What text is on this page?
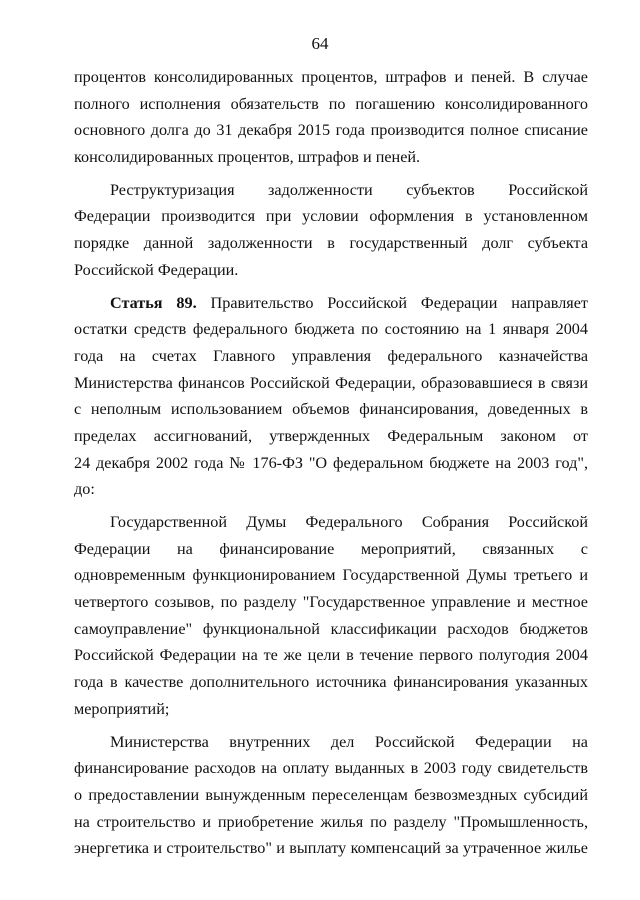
64
процентов консолидированных процентов, штрафов и пеней. В случае
полного исполнения обязательств по погашению консолидированного
основного долга до 31 декабря 2015 года производится полное списание
консолидированных процентов, штрафов и пеней.
Реструктуризация задолженности субъектов Российской
Федерации производится при условии оформления в установленном
порядке данной задолженности в государственный долг субъекта
Российской Федерации.
Статья 89. Правительство Российской Федерации направляет
остатки средств федерального бюджета по состоянию на 1 января 2004
года на счетах Главного управления федерального казначейства
Министерства финансов Российской Федерации, образовавшиеся в связи
с неполным использованием объемов финансирования, доведенных в
пределах ассигнований, утвержденных Федеральным законом от
24 декабря 2002 года № 176-ФЗ "О федеральном бюджете на 2003 год",
до:
Государственной Думы Федерального Собрания Российской
Федерации на финансирование мероприятий, связанных с
одновременным функционированием Государственной Думы третьего и
четвертого созывов, по разделу "Государственное управление и местное
самоуправление" функциональной классификации расходов бюджетов
Российской Федерации на те же цели в течение первого полугодия 2004
года в качестве дополнительного источника финансирования указанных
мероприятий;
Министерства внутренних дел Российской Федерации на
финансирование расходов на оплату выданных в 2003 году свидетельств
о предоставлении вынужденным переселенцам безвозмездных субсидий
на строительство и приобретение жилья по разделу "Промышленность,
энергетика и строительство" и выплату компенсаций за утраченное жилье
